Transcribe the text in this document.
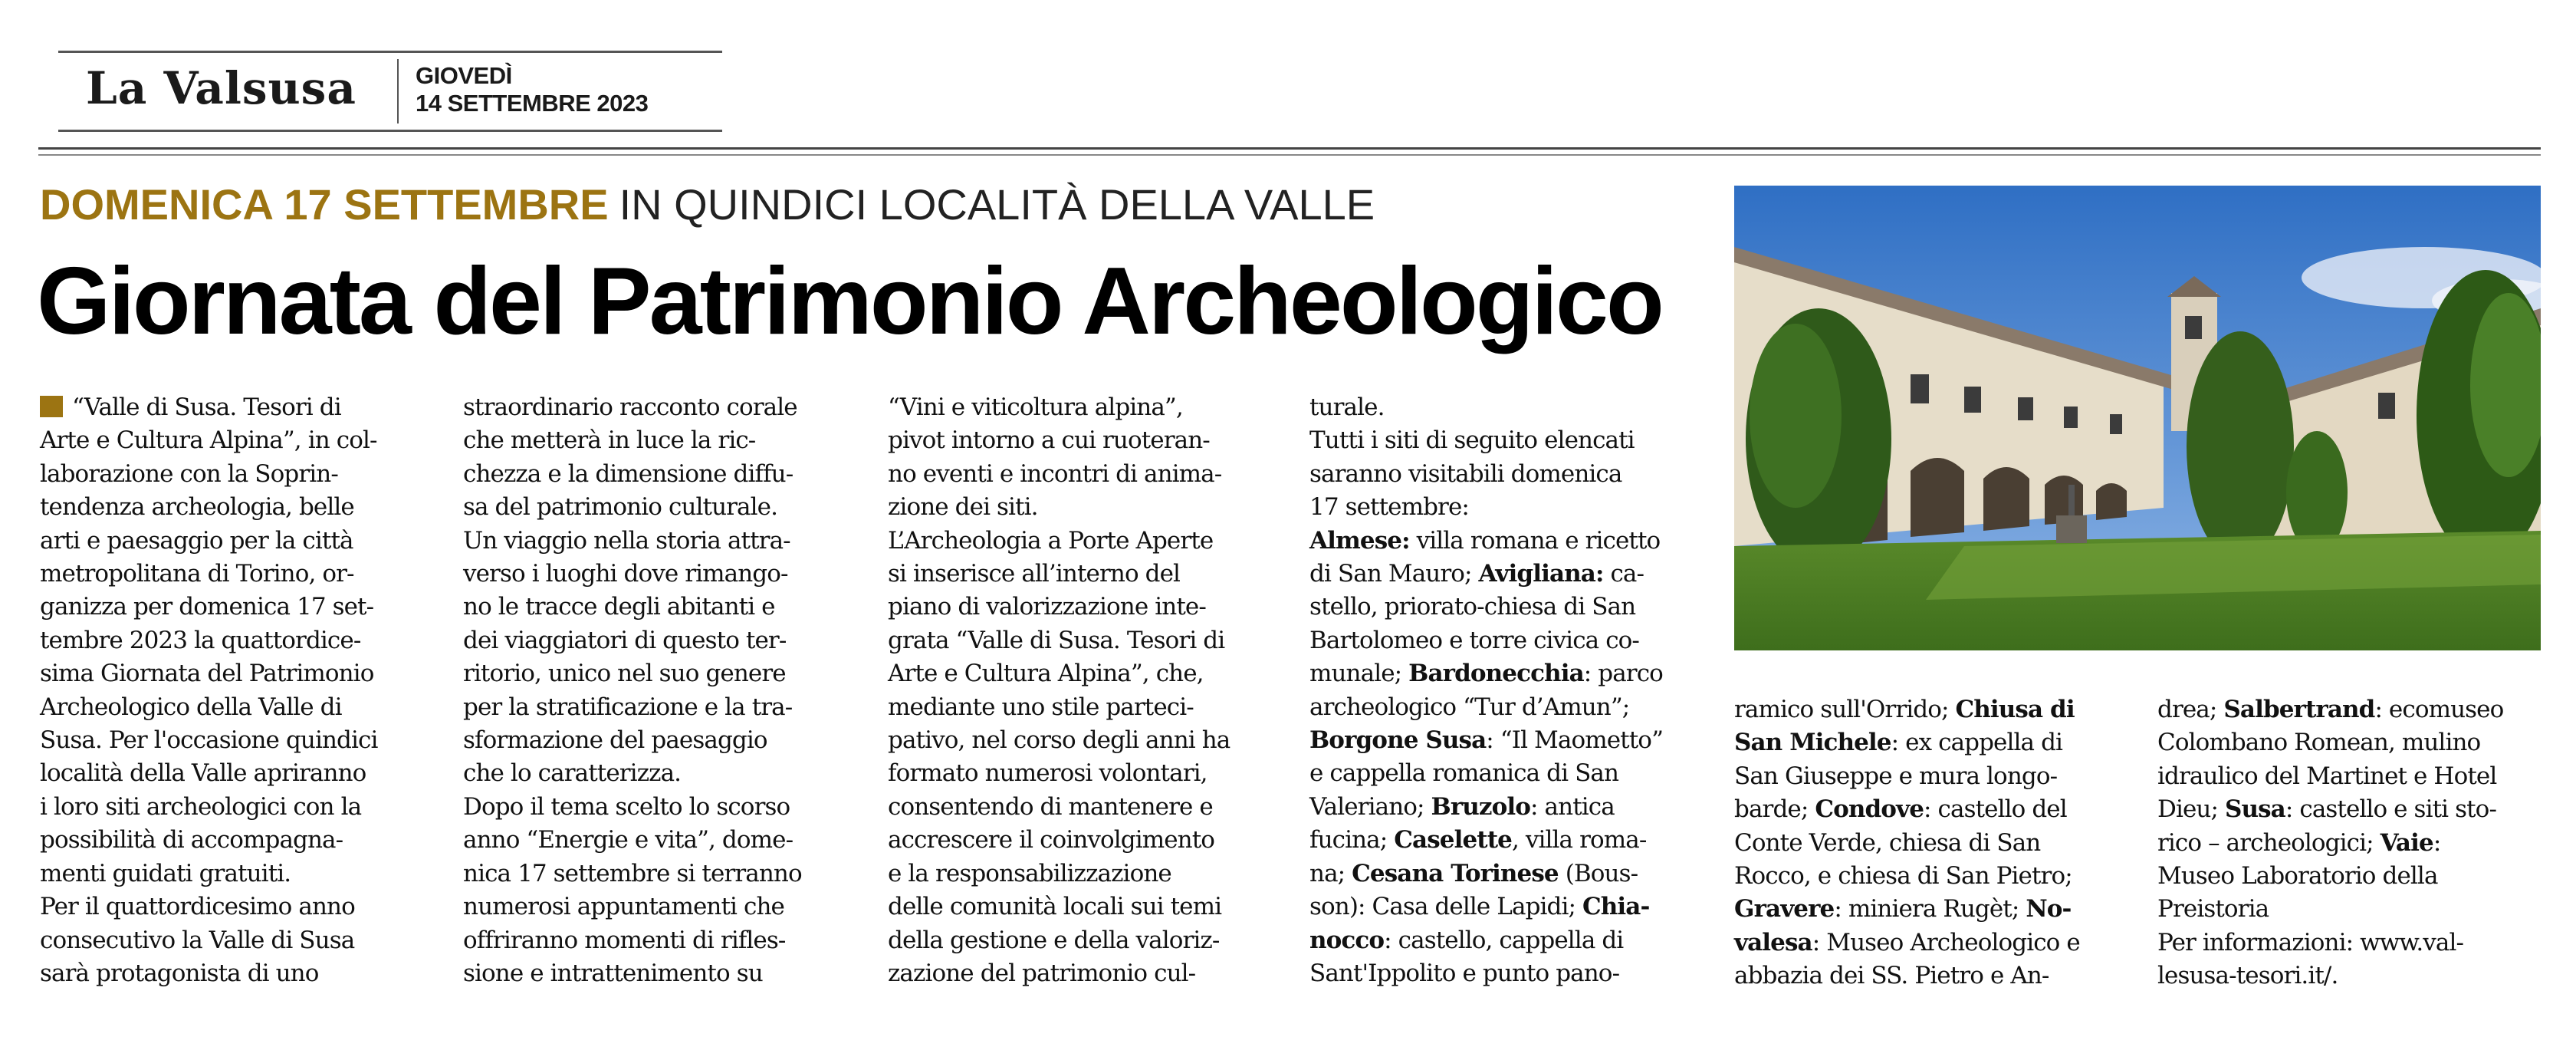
La Valsusa GIOVEDÌ
14 SETTEMBRE 2023
DOMENICA 17 SETTEMBRE IN QUINDICI LOCALITÀ DELLA VALLE
Giornata del Patrimonio Archeologico
“Valle di Susa. Tesori di
Arte e Cultura Alpina”, in col-
laborazione con la Soprin-
tendenza archeologia, belle
arti e paesaggio per la città
metropolitana di Torino, or-
ganizza per domenica 17 set-
tembre 2023 la quattordice-
sima Giornata del Patrimonio
Archeologico della Valle di
Susa. Per l'occasione quindici
località della Valle apriranno
i loro siti archeologici con la
possibilità di accompagna-
menti guidati gratuiti.
Per il quattordicesimo anno
consecutivo la Valle di Susa
sarà protagonista di uno
straordinario racconto corale
che metterà in luce la ric-
chezza e la dimensione diffu-
sa del patrimonio culturale.
Un viaggio nella storia attra-
verso i luoghi dove rimango-
no le tracce degli abitanti e
dei viaggiatori di questo ter-
ritorio, unico nel suo genere
per la stratificazione e la tra-
sformazione del paesaggio
che lo caratterizza.
Dopo il tema scelto lo scorso
anno “Energie e vita”, dome-
nica 17 settembre si terranno
numerosi appuntamenti che
offriranno momenti di rifles-
sione e intrattenimento su
“Vini e viticoltura alpina”,
pivot intorno a cui ruoteran-
no eventi e incontri di anima-
zione dei siti.
L’Archeologia a Porte Aperte
si inserisce all’interno del
piano di valorizzazione inte-
grata “Valle di Susa. Tesori di
Arte e Cultura Alpina”, che,
mediante uno stile parteci-
pativo, nel corso degli anni ha
formato numerosi volontari,
consentendo di mantenere e
accrescere il coinvolgimento
e la responsabilizzazione
delle comunità locali sui temi
della gestione e della valoriz-
zazione del patrimonio cul-
turale.
Tutti i siti di seguito elencati
saranno visitabili domenica
17 settembre:
Almese: villa romana e ricetto
di San Mauro; Avigliana: ca-
stello, priorato-chiesa di San
Bartolomeo e torre civica co-
munale; Bardonecchia: parco
archeologico “Tur d’Amun”;
Borgone Susa: “Il Maometto”
e cappella romanica di San
Valeriano; Bruzolo: antica
fucina; Caselette, villa roma-
na; Cesana Torinese (Bous-
son): Casa delle Lapidi; Chia-
nocco: castello, cappella di
Sant'Ippolito e punto pano-
ramico sull'Orrido; Chiusa di
San Michele: ex cappella di
San Giuseppe e mura longo-
barde; Condove: castello del
Conte Verde, chiesa di San
Rocco, e chiesa di San Pietro;
Gravere: miniera Rugèt; No-
valesa: Museo Archeologico e
abbazia dei SS. Pietro e An-
drea; Salbertrand: ecomuseo
Colombano Romean, mulino
idraulico del Martinet e Hotel
Dieu; Susa: castello e siti sto-
rico – archeologici; Vaie:
Museo Laboratorio della
Preistoria
Per informazioni: www.val-
lesusa-tesori.it/.
